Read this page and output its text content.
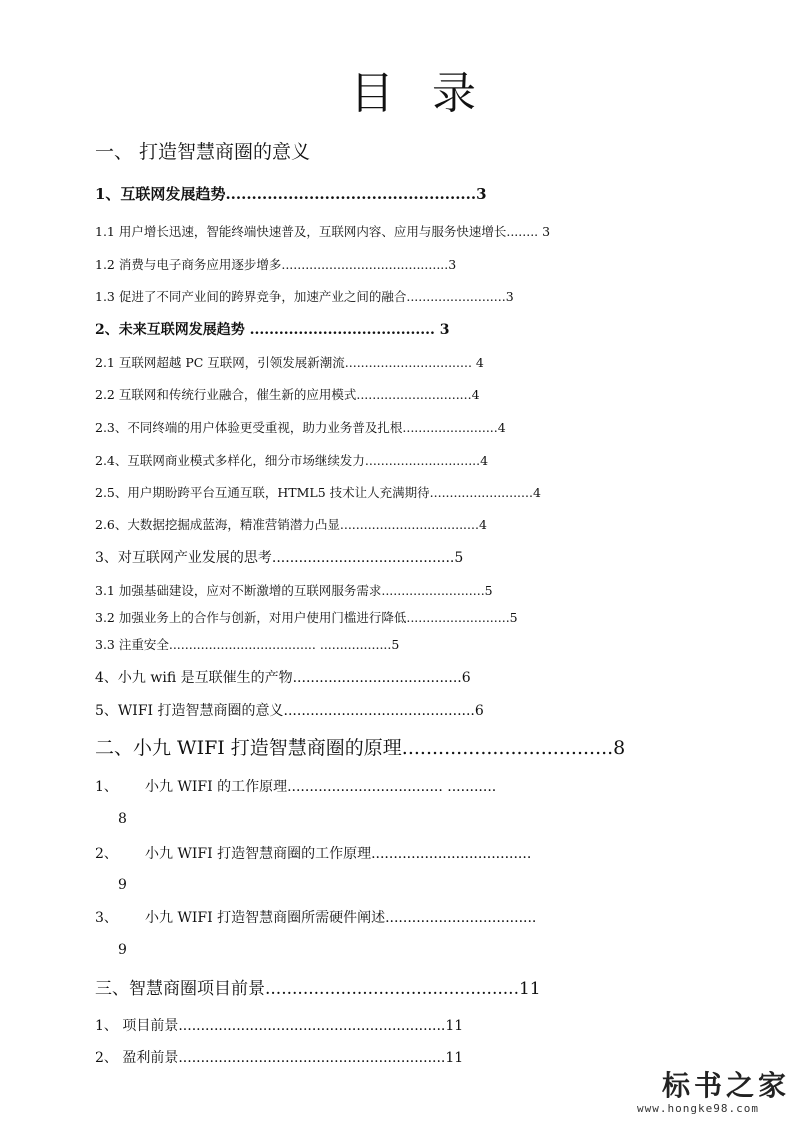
目 录
一、 打造智慧商圈的意义
1、互联网发展趋势................................................3
1.1 用户增长迅速，智能终端快速普及，互联网内容、应用与服务快速增长........ 3
1.2 消费与电子商务应用逐步增多..........................................3
1.3 促进了不同产业间的跨界竞争，加速产业之间的融合.........................3
2、未来互联网发展趋势 ...................................... 3
2.1 互联网超越 PC 互联网，引领发展新潮流................................ 4
2.2 互联网和传统行业融合，催生新的应用模式.............................4
2.3、不同终端的用户体验更受重视，助力业务普及扎根........................4
2.4、互联网商业模式多样化，细分市场继续发力.............................4
2.5、用户期盼跨平台互通互联，HTML5 技术让人充满期待..........................4
2.6、大数据挖掘成蓝海，精准营销潜力凸显...................................4
3、对互联网产业发展的思考.........................................5
3.1 加强基础建设，应对不断激增的互联网服务需求..........................5
3.2 加强业务上的合作与创新，对用户使用门槛进行降低..........................5
3.3 注重安全..................................... ..................5
4、小九 wifi 是互联催生的产物......................................6
5、WIFI 打造智慧商圈的意义...........................................6
二、小九 WIFI 打造智慧商圈的原理...................................8
1、 小九 WIFI 的工作原理................................... ...........
8
2、 小九 WIFI 打造智慧商圈的工作原理....................................
9
3、 小九 WIFI 打造智慧商圈所需硬件阐述..................................
9
三、智慧商圈项目前景...............................................11
1、 项目前景............................................................11
2、 盈利前景............................................................11
标书之家
www.hongke98.com
